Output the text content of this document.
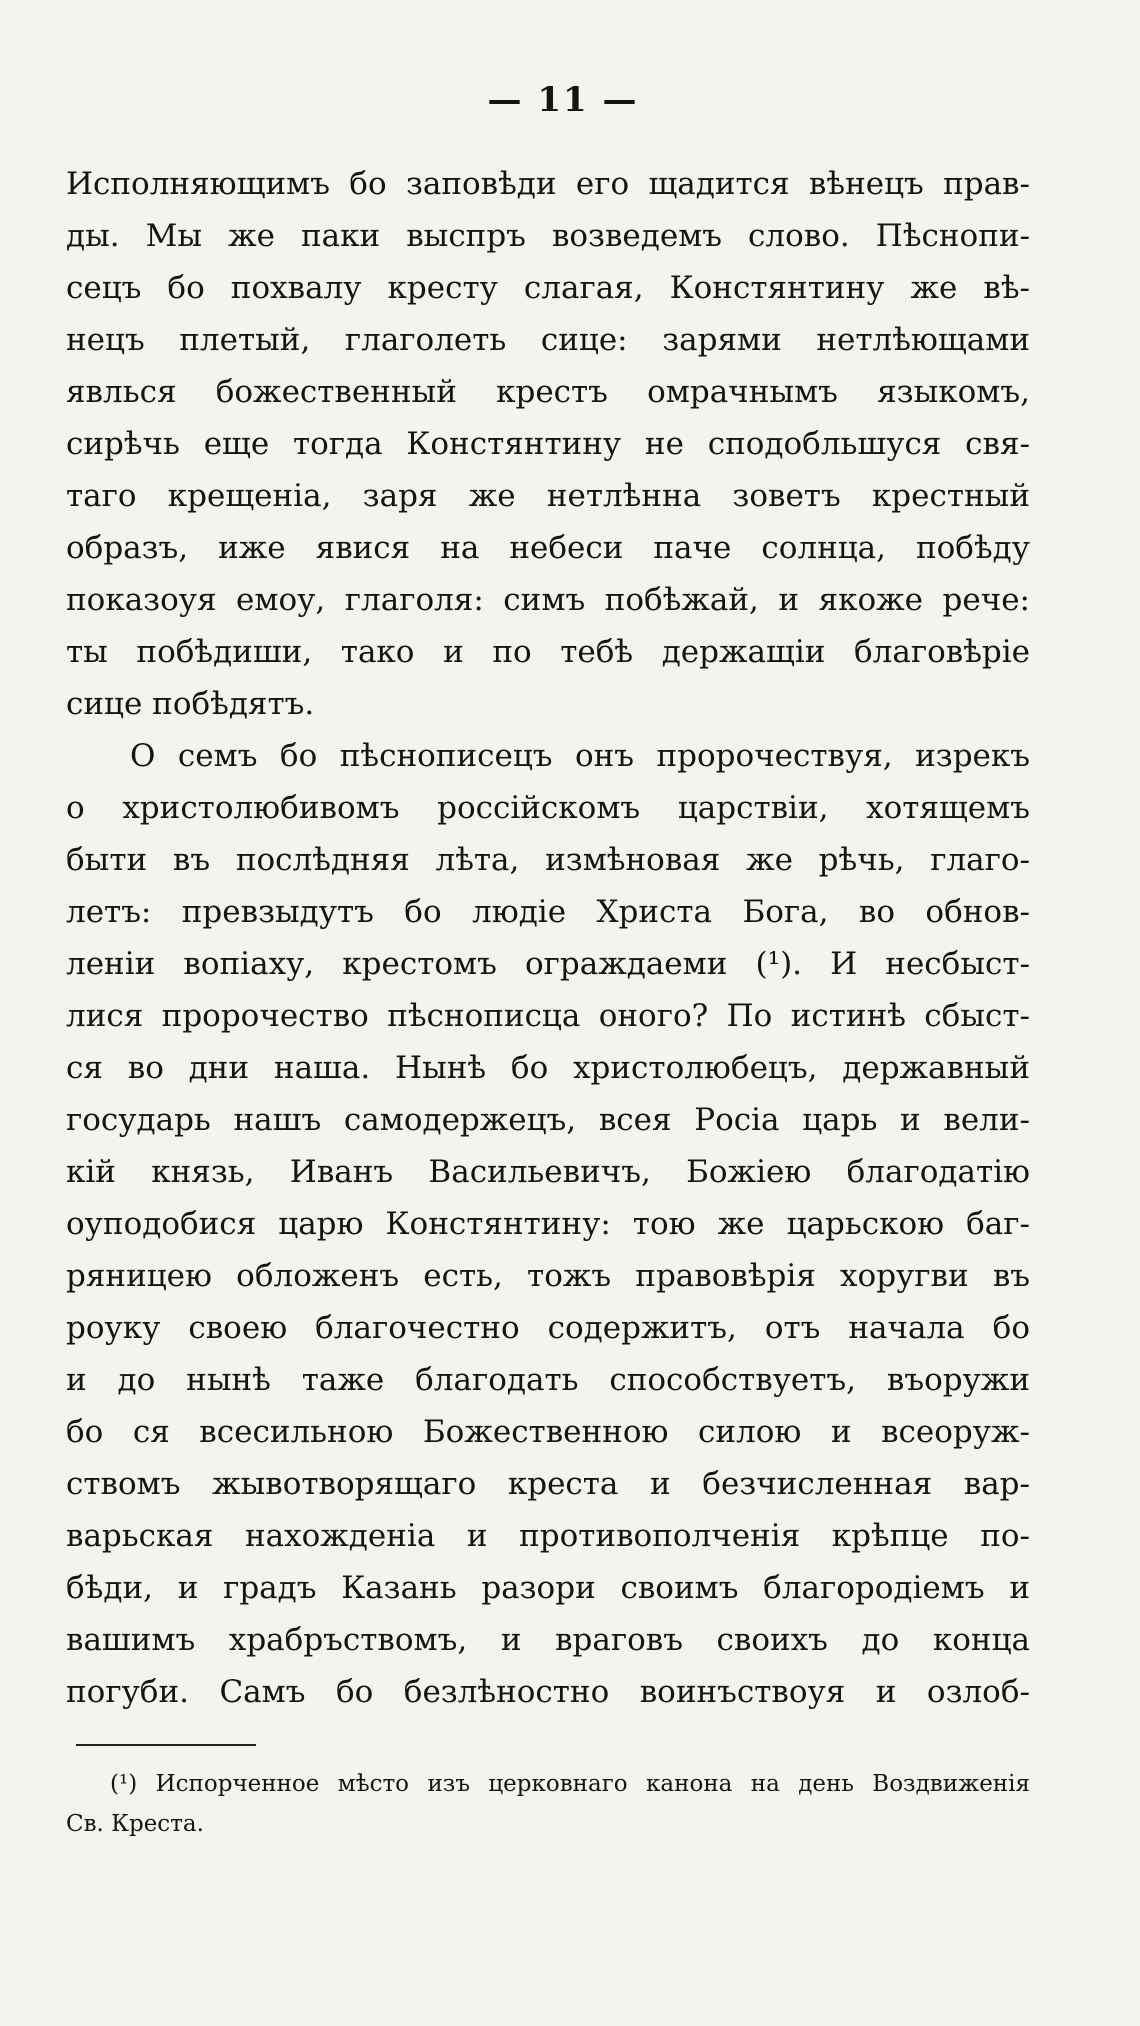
— 11 —

Исполняющимъ бо заповѣди его щадится вѣнецъ прав-
ды. Мы же паки выспръ возведемъ слово. Пѣснопи-
сецъ бо похвалу кресту слагая, Констянтину же вѣ-
нецъ плетый, глаголеть сице: зарями нетлѣющами
явлься божественный крестъ омрачнымъ языкомъ,
сирѣчь еще тогда Констянтину не сподобльшуся свя-
таго крещеніа, заря же нетлѣнна зоветъ крестный
образъ, иже явися на небеси паче солнца, побѣду
показоуя емоу, глаголя: симъ побѣжай, и якоже рече:
ты побѣдиши, тако и по тебѣ держащіи благовѣріе
сице побѣдятъ.

О семъ бо пѣснописецъ онъ пророчествуя, изрекъ
о христолюбивомъ россійскомъ царствіи, хотящемъ
быти въ послѣдняя лѣта, измѣновая же рѣчь, глаго-
летъ: превзыдутъ бо людіе Христа Бога, во обнов-
леніи вопіаху, крестомъ ограждаеми (¹). И несбыст-
лися пророчество пѣснописца оного? По истинѣ сбыст-
ся во дни наша. Нынѣ бо христолюбецъ, державный
государь нашъ самодержецъ, всея Росіа царь и вели-
кій князь, Иванъ Васильевичъ, Божіею благодатію
оуподобися царю Констянтину: тою же царьскою баг-
ряницею обложенъ есть, тожъ правовѣрія хоругви въ
роуку своею благочестно содержитъ, отъ начала бо
и до нынѣ таже благодать способствуетъ, въоружи
бо ся всесильною Божественною силою и всеоруж-
ствомъ жывотворящаго креста и безчисленная вар-
варьская нахожденіа и противополченія крѣпце по-
бѣди, и градъ Казань разори своимъ благородіемъ и
вашимъ храбръствомъ, и враговъ своихъ до конца
погуби. Самъ бо безлѣностно воинъствоуя и озлоб-

(¹) Испорченное мѣсто изъ церковнаго канона на день Воздвиженія
Св. Креста.
